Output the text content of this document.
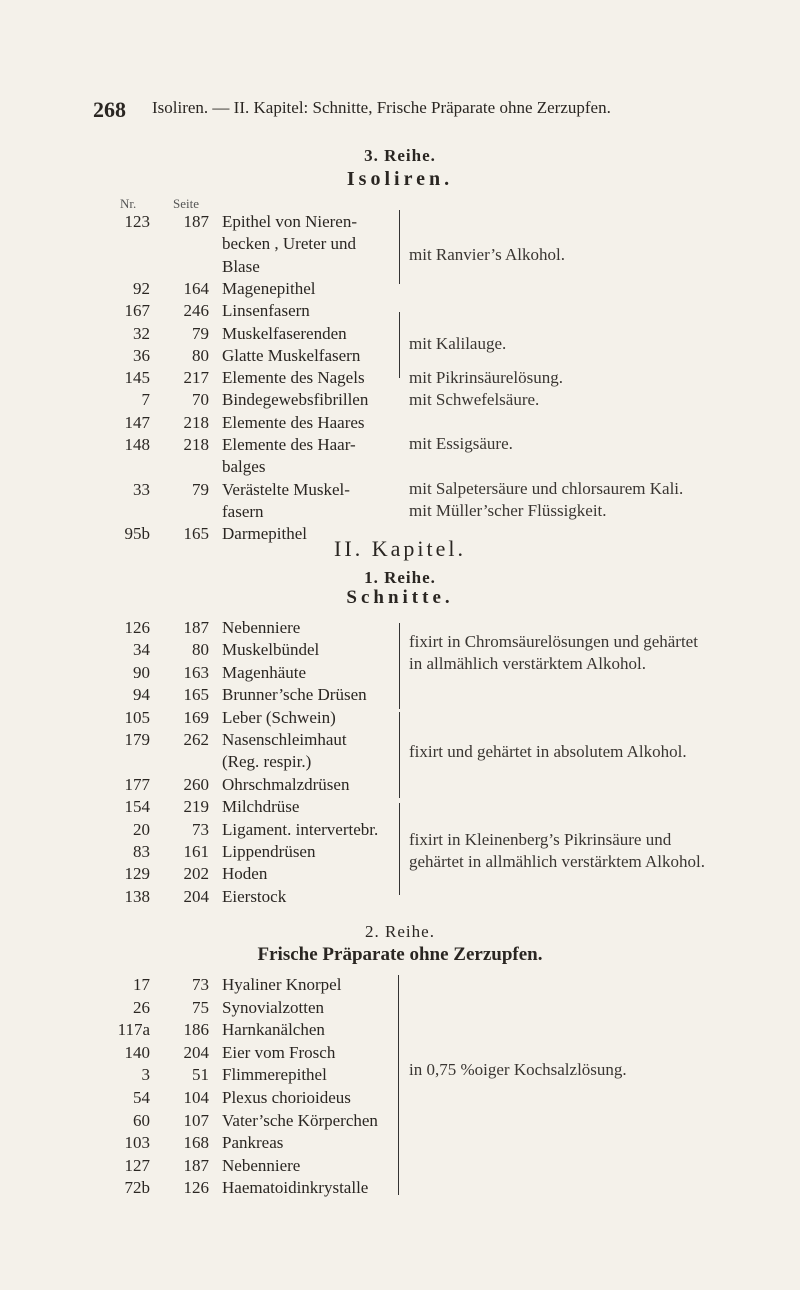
268 Isoliren. — II. Kapitel: Schnitte, Frische Präparate ohne Zerzupfen.
3. Reihe.
Isoliren.
Nr.	Seite
123 187 Epithel von Nieren-
becken , Ureter und
Blase
92 164 Magenepithel
167 246 Linsenfasern
32 79 Muskelfaserenden
36 80 Glatte Muskelfasern
145 217 Elemente des Nagels
7 70 Bindegewebsfibrillen
147 218 Elemente des Haares
148 218 Elemente des Haar-
balges
33 79 Verästelte Muskel-
fasern
95b 165 Darmepithel
mit Ranvier’s Alkohol.
mit Kalilauge.
mit Pikrinsäurelösung.
mit Schwefelsäure.
mit Essigsäure.
mit Salpetersäure und chlorsaurem Kali.
mit Müller’scher Flüssigkeit.
II. Kapitel.
1. Reihe.
Schnitte.
126 187 Nebenniere
34 80 Muskelbündel
90 163 Magenhäute
94 165 Brunner’sche Drüsen
105 169 Leber (Schwein)
179 262 Nasenschleimhaut
(Reg. respir.)
177 260 Ohrschmalzdrüsen
154 219 Milchdrüse
20 73 Ligament. intervertebr.
83 161 Lippendrüsen
129 202 Hoden
138 204 Eierstock
fixirt in Chromsäurelösungen und gehärtet
in allmählich verstärktem Alkohol.
fixirt und gehärtet in absolutem Alkohol.
fixirt in Kleinenberg’s Pikrinsäure und
gehärtet in allmählich verstärktem Alkohol.
2. Reihe.
Frische Präparate ohne Zerzupfen.
17 73 Hyaliner Knorpel
26 75 Synovialzotten
117a 186 Harnkanälchen
140 204 Eier vom Frosch
3 51 Flimmerepithel
54 104 Plexus chorioideus
60 107 Vater’sche Körperchen
103 168 Pankreas
127 187 Nebenniere
72b 126 Haematoidinkrystalle
in 0,75 %oiger Kochsalzlösung.
